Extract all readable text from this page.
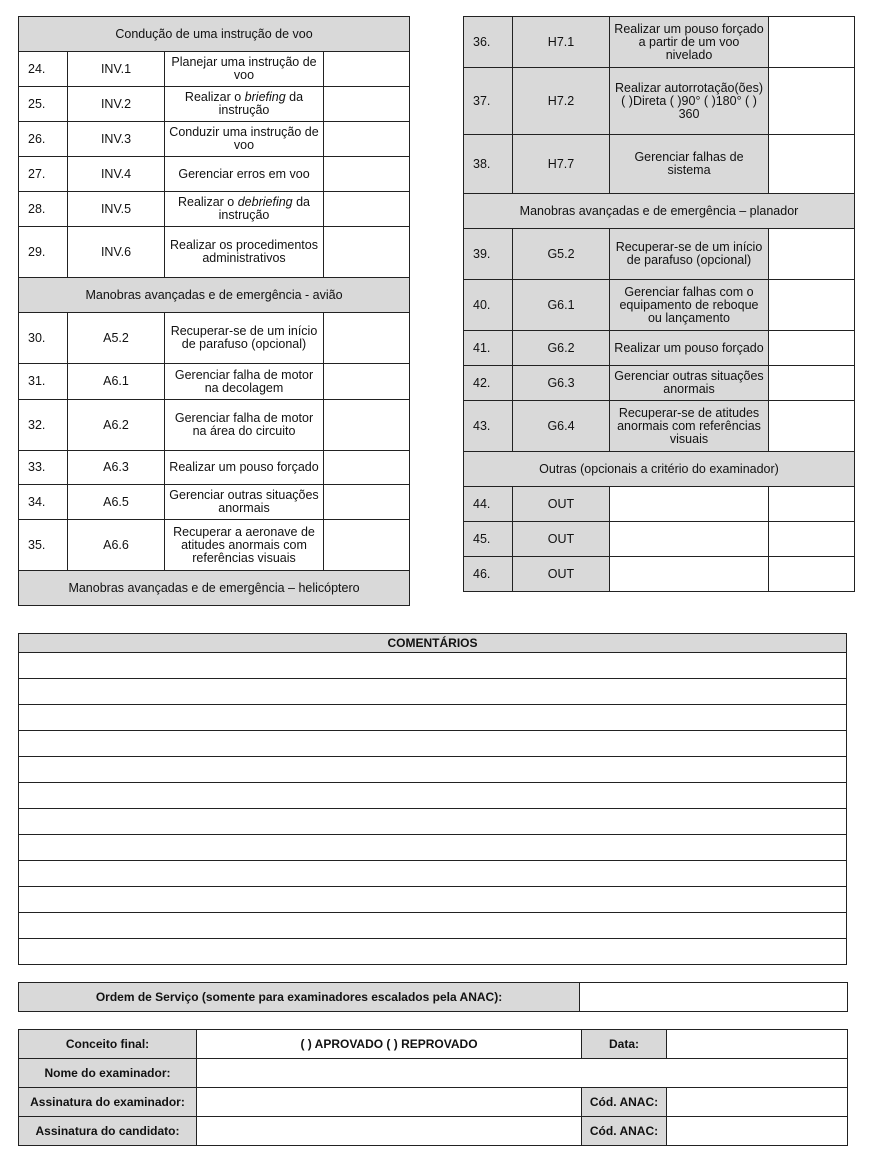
Condução de uma instrução de voo			
24.	INV.1	Planejar uma instrução de voo	
25.	INV.2	Realizar o briefing da instrução	
26.	INV.3	Conduzir uma instrução de voo	
27.	INV.4	Gerenciar erros em voo	
28.	INV.5	Realizar o debriefing da instrução	
29.	INV.6	Realizar os procedimentos administrativos	
Manobras avançadas e de emergência - avião			
30.	A5.2	Recuperar-se de um início de parafuso (opcional)	
31.	A6.1	Gerenciar falha de motor na decolagem	
32.	A6.2	Gerenciar falha de motor na área do circuito	
33.	A6.3	Realizar um pouso forçado	
34.	A6.5	Gerenciar outras situações anormais	
35.	A6.6	Recuperar a aeronave de atitudes anormais com referências visuais	
Manobras avançadas e de emergência – helicóptero			
36.	H7.1	Realizar um pouso forçado a partir de um voo nivelado	
37.	H7.2	Realizar autorrotação(ões) ( )Direta ( )90° ( )180° ( ) 360	
38.	H7.7	Gerenciar falhas de sistema	
Manobras avançadas e de emergência – planador			
39.	G5.2	Recuperar-se de um início de parafuso (opcional)	
40.	G6.1	Gerenciar falhas com o equipamento de reboque ou lançamento	
41.	G6.2	Realizar um pouso forçado	
42.	G6.3	Gerenciar outras situações anormais	
43.	G6.4	Recuperar-se de atitudes anormais com referências visuais	
Outras (opcionais a critério do examinador)			
44.	OUT		
45.	OUT		
46.	OUT		
COMENTÁRIOS

Ordem de Serviço (somente para examinadores escalados pela ANAC):	
Conceito final:	( ) APROVADO ( ) REPROVADO	Data:	
Nome do examinador:			
Assinatura do examinador:		Cód. ANAC:	
Assinatura do candidato:		Cód. ANAC:	
